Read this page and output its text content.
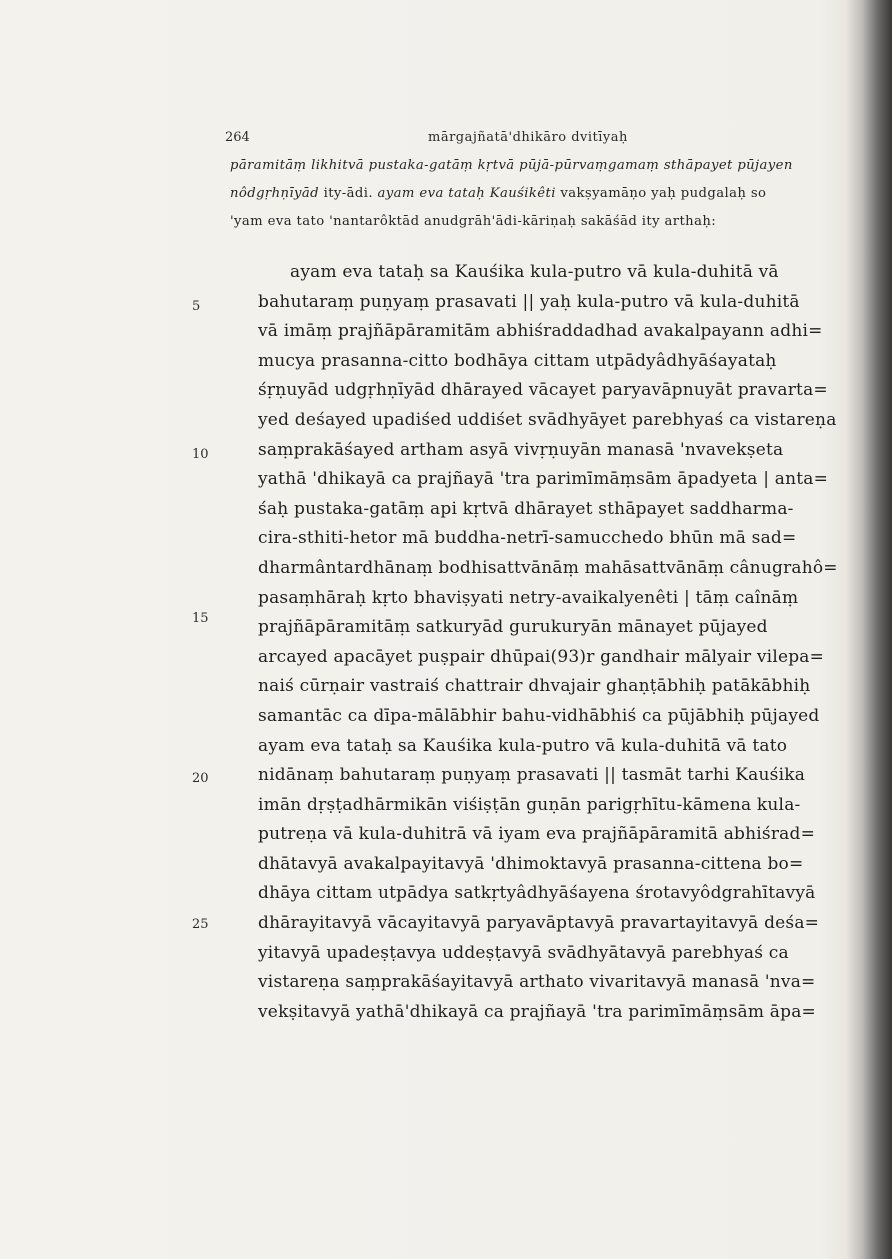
264	mārgajñatā'dhikāro dvitīyaḥ
pāramitāṃ likhitvā pustaka-gatāṃ kṛtvā pūjā-pūrvaṃgamaṃ sthāpayet pūjayen
nôdgṛhṇīyād ity-ādi. ayam eva tataḥ Kauśikêti vakṣyamāṇo yaḥ pudgalaḥ so
'yam eva tato 'nantarôktād anudgrāh'ādi-kāriṇaḥ sakāśād ity arthaḥ:
5
10
15
20
25
ayam eva tataḥ sa Kauśika kula-putro vā kula-duhitā vā
bahutaraṃ puṇyaṃ prasavati || yaḥ kula-putro vā kula-duhitā
vā imāṃ prajñāpāramitām abhiśraddadhad avakalpayann adhi=
mucya prasanna-citto bodhāya cittam utpādyâdhyāśayataḥ
śṛṇuyād udgṛhṇīyād dhārayed vācayet paryavāpnuyāt pravarta=
yed deśayed upadiśed uddiśet svādhyāyet parebhyaś ca vistareṇa
saṃprakāśayed artham asyā vivṛṇuyān manasā 'nvavekṣeta
yathā 'dhikayā ca prajñayā 'tra parimīmāṃsām āpadyeta | anta=
śaḥ pustaka-gatāṃ api kṛtvā dhārayet sthāpayet saddharma-
cira-sthiti-hetor mā buddha-netrī-samucchedo bhūn mā sad=
dharmântardhānaṃ bodhisattvānāṃ mahāsattvānāṃ cânugrahô=
pasaṃhāraḥ kṛto bhaviṣyati netry-avaikalyenêti | tāṃ caînāṃ
prajñāpāramitāṃ satkuryād gurukuryān mānayet pūjayed
arcayed apacāyet puṣpair dhūpai(93)r gandhair mālyair vilepa=
naiś cūrṇair vastraiś chattrair dhvajair ghaṇṭābhiḥ patākābhiḥ
samantāc ca dīpa-mālābhir bahu-vidhābhiś ca pūjābhiḥ pūjayed
ayam eva tataḥ sa Kauśika kula-putro vā kula-duhitā vā tato
nidānaṃ bahutaraṃ puṇyaṃ prasavati || tasmāt tarhi Kauśika
imān dṛṣṭadhārmikān viśiṣṭān guṇān parigṛhītu-kāmena kula-
putreṇa vā kula-duhitrā vā iyam eva prajñāpāramitā abhiśrad=
dhātavyā avakalpayitavyā 'dhimoktavyā prasanna-cittena bo=
dhāya cittam utpādya satkṛtyâdhyāśayena śrotavyôdgrahītavyā
dhārayitavyā vācayitavyā paryavāptavyā pravartayitavyā deśa=
yitavyā upadeṣṭavya uddeṣṭavyā svādhyātavyā parebhyaś ca
vistareṇa saṃprakāśayitavyā arthato vivaritavyā manasā 'nva=
vekṣitavyā yathā'dhikayā ca prajñayā 'tra parimīmāṃsām āpa=
